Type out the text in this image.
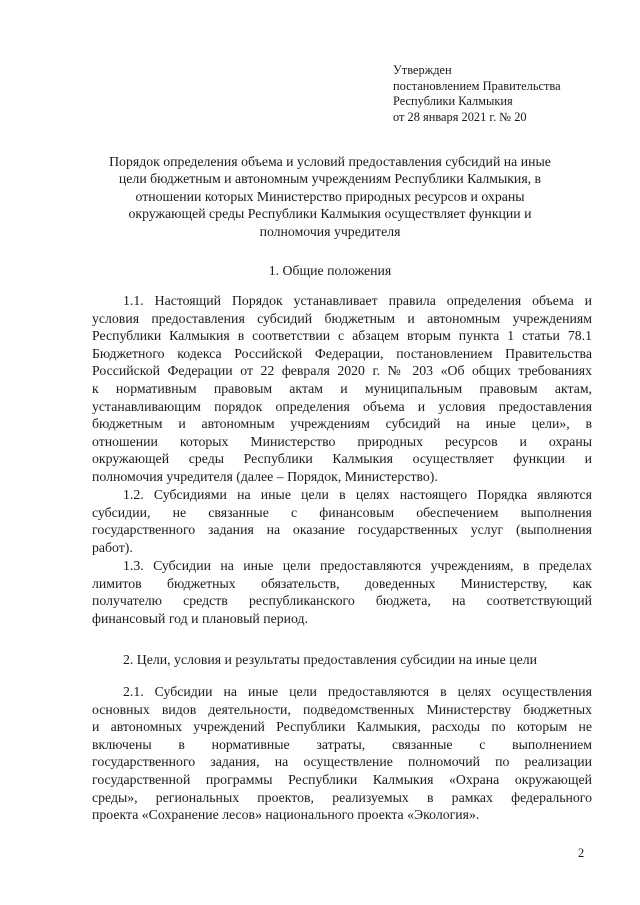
Утвержден
постановлением Правительства
Республики Калмыкия
от 28 января 2021 г. № 20
Порядок определения объема и условий предоставления субсидий на иные
цели бюджетным и автономным учреждениям Республики Калмыкия, в
отношении которых Министерство природных ресурсов и охраны
окружающей среды Республики Калмыкия осуществляет функции и
полномочия учредителя
1. Общие положения
1.1. Настоящий Порядок устанавливает правила определения объема и
условия предоставления субсидий бюджетным и автономным учреждениям
Республики Калмыкия в соответствии с абзацем вторым пункта 1 статьи 78.1
Бюджетного кодекса Российской Федерации, постановлением Правительства
Российской Федерации от 22 февраля 2020 г. № 203 «Об общих требованиях
к нормативным правовым актам и муниципальным правовым актам,
устанавливающим порядок определения объема и условия предоставления
бюджетным и автономным учреждениям субсидий на иные цели», в
отношении которых Министерство природных ресурсов и охраны
окружающей среды Республики Калмыкия осуществляет функции и
полномочия учредителя (далее – Порядок, Министерство).
1.2. Субсидиями на иные цели в целях настоящего Порядка являются
субсидии, не связанные с финансовым обеспечением выполнения
государственного задания на оказание государственных услуг (выполнения
работ).
1.3. Субсидии на иные цели предоставляются учреждениям, в пределах
лимитов бюджетных обязательств, доведенных Министерству, как
получателю средств республиканского бюджета, на соответствующий
финансовый год и плановый период.
2. Цели, условия и результаты предоставления субсидии на иные цели
2.1. Субсидии на иные цели предоставляются в целях осуществления
основных видов деятельности, подведомственных Министерству бюджетных
и автономных учреждений Республики Калмыкия, расходы по которым не
включены в нормативные затраты, связанные с выполнением
государственного задания, на осуществление полномочий по реализации
государственной программы Республики Калмыкия «Охрана окружающей
среды», региональных проектов, реализуемых в рамках федерального
проекта «Сохранение лесов» национального проекта «Экология».
2
